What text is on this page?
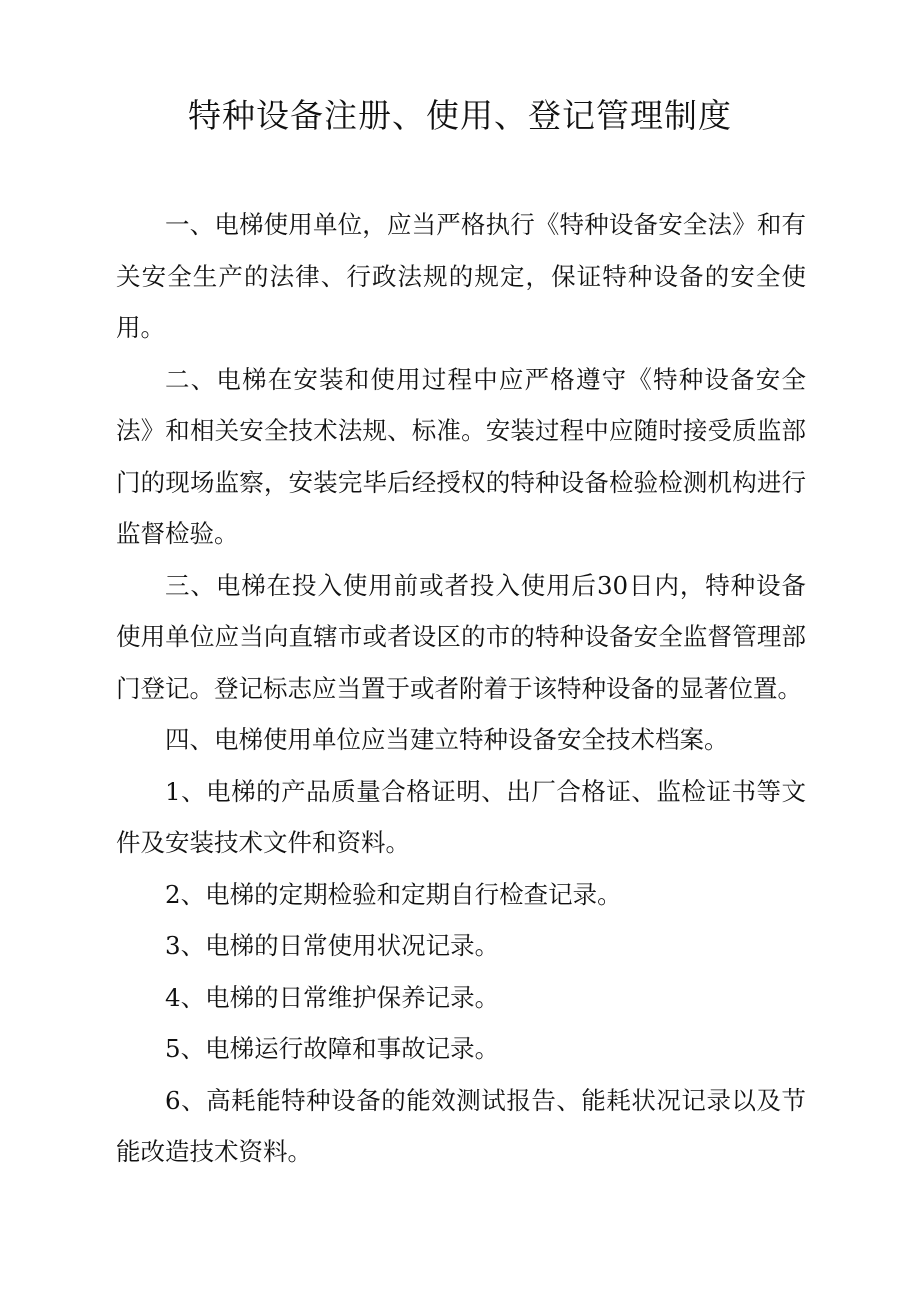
特种设备注册、使用、登记管理制度

一、电梯使用单位，应当严格执行《特种设备安全法》和有关安全生产的法律、行政法规的规定，保证特种设备的安全使用。

二、电梯在安装和使用过程中应严格遵守《特种设备安全法》和相关安全技术法规、标准。安装过程中应随时接受质监部门的现场监察，安装完毕后经授权的特种设备检验检测机构进行监督检验。

三、电梯在投入使用前或者投入使用后30日内，特种设备使用单位应当向直辖市或者设区的市的特种设备安全监督管理部门登记。登记标志应当置于或者附着于该特种设备的显著位置。

四、电梯使用单位应当建立特种设备安全技术档案。

1、电梯的产品质量合格证明、出厂合格证、监检证书等文件及安装技术文件和资料。

2、电梯的定期检验和定期自行检查记录。

3、电梯的日常使用状况记录。

4、电梯的日常维护保养记录。

5、电梯运行故障和事故记录。

6、高耗能特种设备的能效测试报告、能耗状况记录以及节能改造技术资料。
